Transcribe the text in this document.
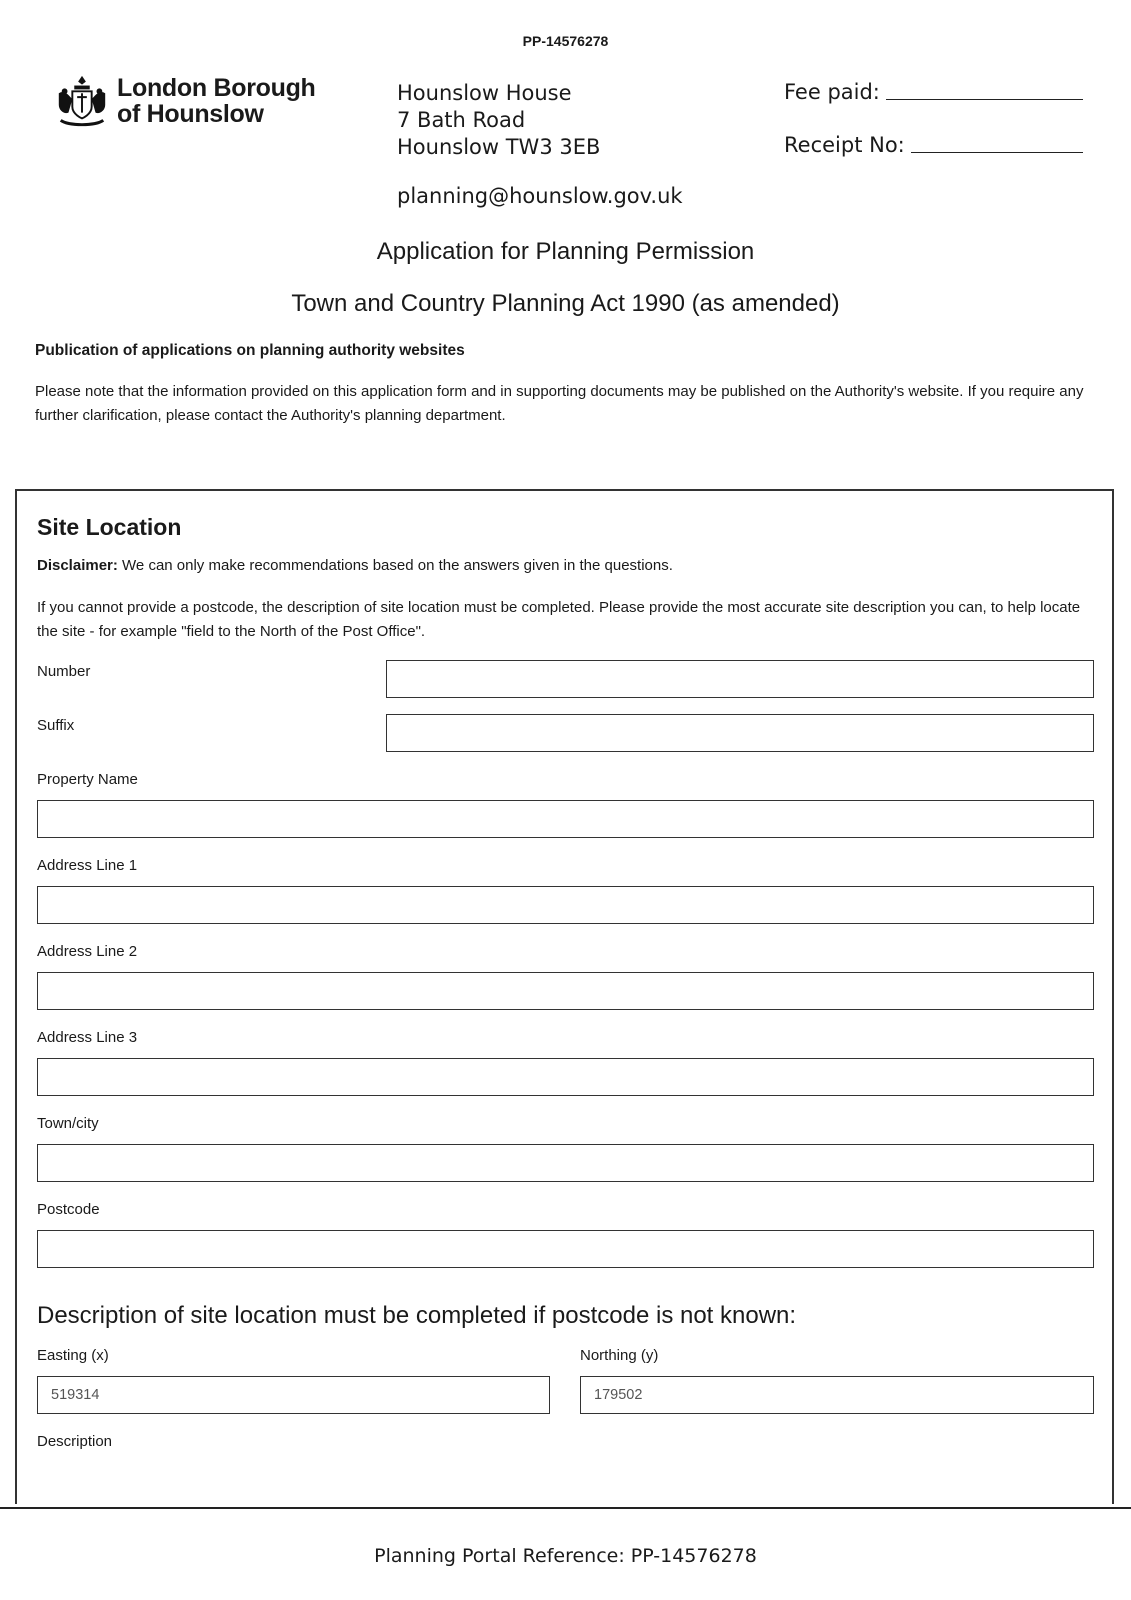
PP-14576278
London Borough
of Hounslow
Hounslow House
7 Bath Road
Hounslow TW3 3EB
planning@hounslow.gov.uk
Fee paid:
Receipt No:
Application for Planning Permission
Town and Country Planning Act 1990 (as amended)
Publication of applications on planning authority websites
Please note that the information provided on this application form and in supporting documents may be published on the Authority's website. If you require any further clarification, please contact the Authority's planning department.
Site Location
Disclaimer: We can only make recommendations based on the answers given in the questions.
If you cannot provide a postcode, the description of site location must be completed. Please provide the most accurate site description you can, to help locate the site - for example "field to the North of the Post Office".
Number
Suffix
Property Name
Address Line 1
Address Line 2
Address Line 3
Town/city
Postcode
Description of site location must be completed if postcode is not known:
Easting (x)
519314
Northing (y)
179502
Description
Planning Portal Reference: PP-14576278
